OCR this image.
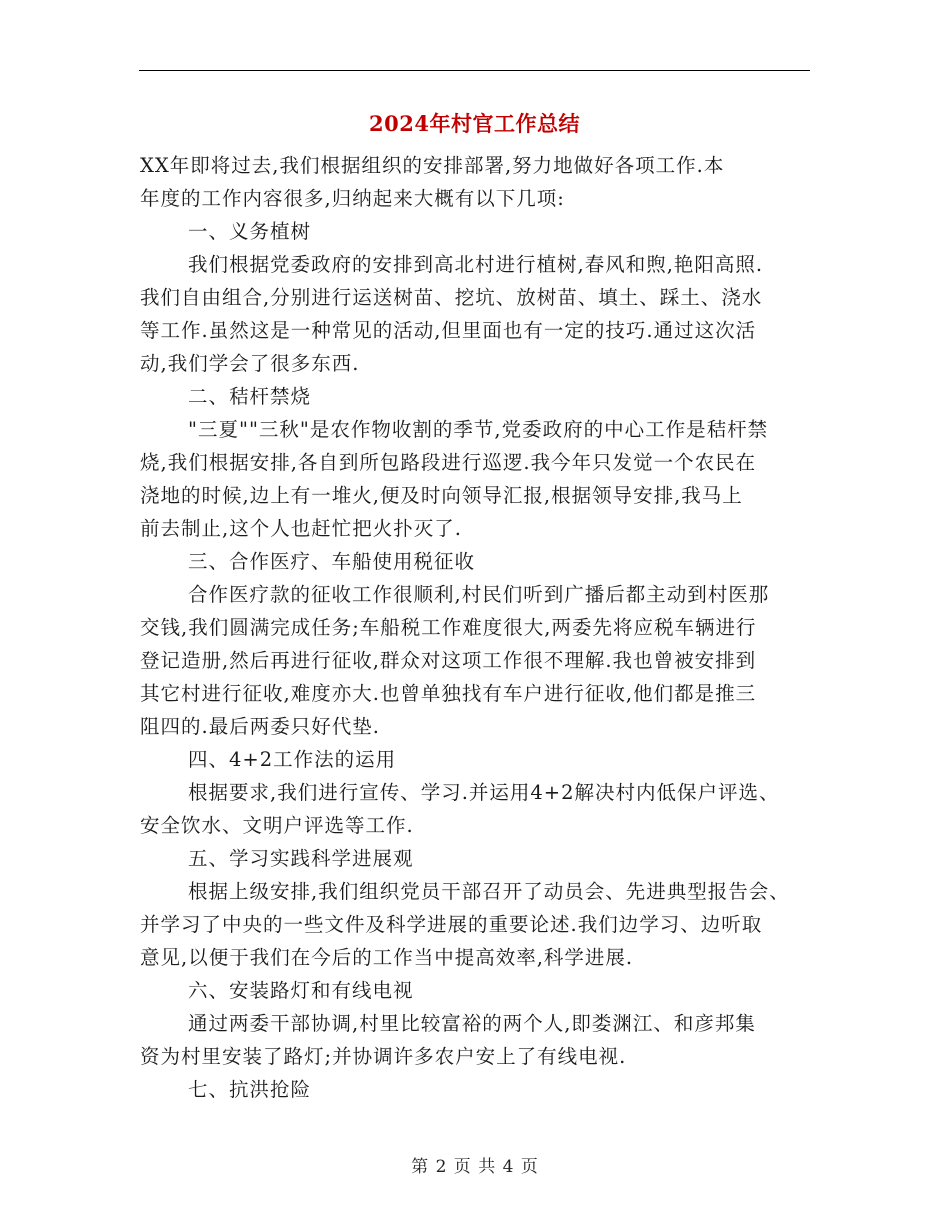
2024年村官工作总结
XX年即将过去,我们根据组织的安排部署,努力地做好各项工作.本
年度的工作内容很多,归纳起来大概有以下几项:
一、义务植树
我们根据党委政府的安排到高北村进行植树,春风和煦,艳阳高照.
我们自由组合,分别进行运送树苗、挖坑、放树苗、填土、踩土、浇水
等工作.虽然这是一种常见的活动,但里面也有一定的技巧.通过这次活
动,我们学会了很多东西.
二、秸杆禁烧
"三夏""三秋"是农作物收割的季节,党委政府的中心工作是秸杆禁
烧,我们根据安排,各自到所包路段进行巡逻.我今年只发觉一个农民在
浇地的时候,边上有一堆火,便及时向领导汇报,根据领导安排,我马上
前去制止,这个人也赶忙把火扑灭了.
三、合作医疗、车船使用税征收
合作医疗款的征收工作很顺利,村民们听到广播后都主动到村医那
交钱,我们圆满完成任务;车船税工作难度很大,两委先将应税车辆进行
登记造册,然后再进行征收,群众对这项工作很不理解.我也曾被安排到
其它村进行征收,难度亦大.也曾单独找有车户进行征收,他们都是推三
阻四的.最后两委只好代垫.
四、4+2工作法的运用
根据要求,我们进行宣传、学习.并运用4+2解决村内低保户评选、
安全饮水、文明户评选等工作.
五、学习实践科学进展观
根据上级安排,我们组织党员干部召开了动员会、先进典型报告会、
并学习了中央的一些文件及科学进展的重要论述.我们边学习、边听取
意见,以便于我们在今后的工作当中提高效率,科学进展.
六、安装路灯和有线电视
通过两委干部协调,村里比较富裕的两个人,即娄渊江、和彦邦集
资为村里安装了路灯;并协调许多农户安上了有线电视.
七、抗洪抢险
第 2 页 共 4 页
